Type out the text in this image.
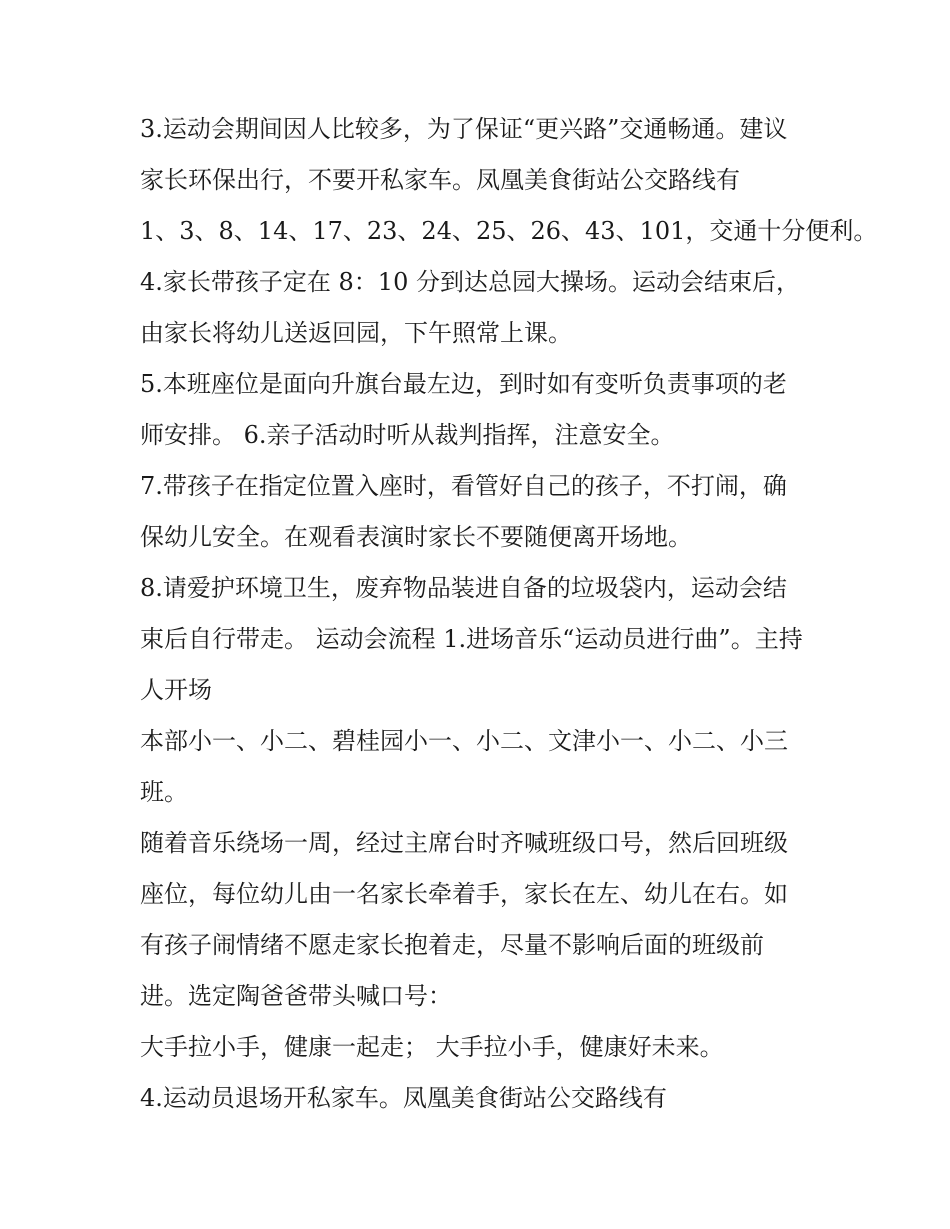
3.运动会期间因人比较多，为了保证“更兴路”交通畅通。建议
家长环保出行，不要开私家车。凤凰美食街站公交路线有
1、3、8、14、17、23、24、25、26、43、101，交通十分便利。
4.家长带孩子定在 8：10 分到达总园大操场。运动会结束后，
由家长将幼儿送返回园，下午照常上课。
5.本班座位是面向升旗台最左边，到时如有变听负责事项的老
师安排。 6.亲子活动时听从裁判指挥，注意安全。
7.带孩子在指定位置入座时，看管好自己的孩子，不打闹，确
保幼儿安全。在观看表演时家长不要随便离开场地。
8.请爱护环境卫生，废弃物品装进自备的垃圾袋内，运动会结
束后自行带走。 运动会流程 1.进场音乐“运动员进行曲”。主持
人开场
本部小一、小二、碧桂园小一、小二、文津小一、小二、小三
班。
随着音乐绕场一周，经过主席台时齐喊班级口号，然后回班级
座位，每位幼儿由一名家长牵着手，家长在左、幼儿在右。如
有孩子闹情绪不愿走家长抱着走，尽量不影响后面的班级前
进。选定陶爸爸带头喊口号：
大手拉小手，健康一起走； 大手拉小手，健康好未来。
4.运动员退场开私家车。凤凰美食街站公交路线有
